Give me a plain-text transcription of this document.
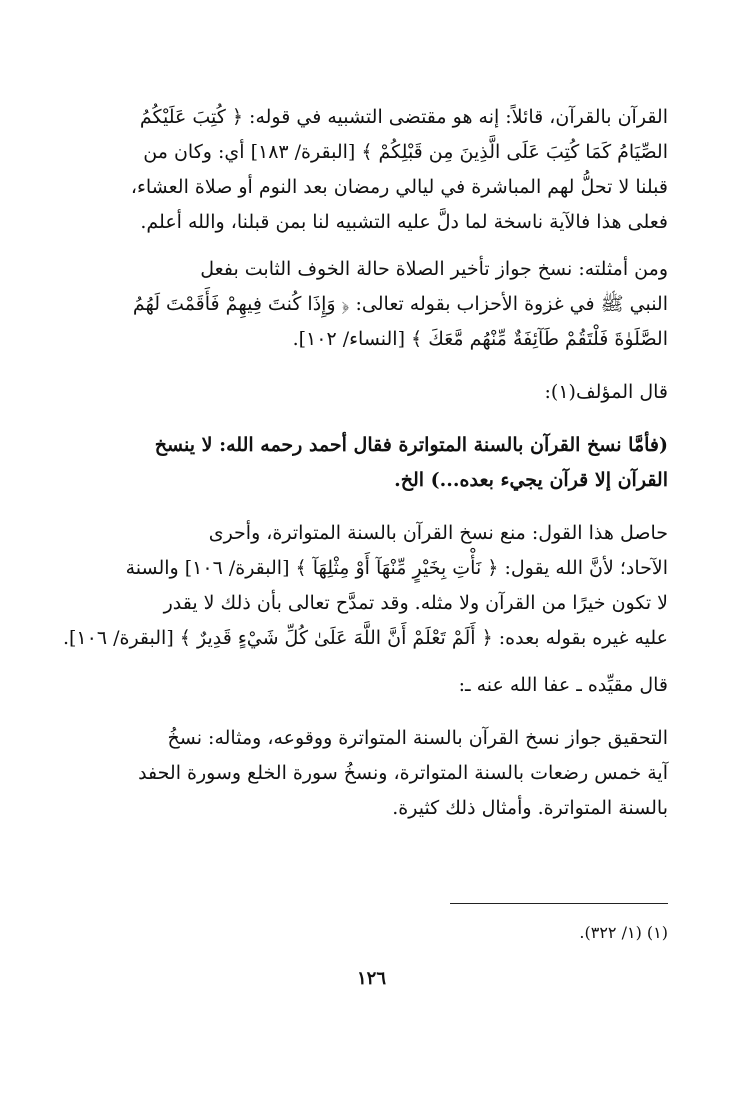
القرآن بالقرآن، قائلاً: إنه هو مقتضى التشبيه في قوله: ﴿ كُتِبَ عَلَيْكُمُ
الصِّيَامُ كَمَا كُتِبَ عَلَى الَّذِينَ مِن قَبْلِكُمْ ﴾ [البقرة/ ١٨٣] أي: وكان من
قبلنا لا تحلُّ لهم المباشرة في ليالي رمضان بعد النوم أو صلاة العشاء،
فعلى هذا فالآية ناسخة لما دلَّ عليه التشبيه لنا بمن قبلنا، والله أعلم.

ومن أمثلته: نسخ جواز تأخير الصلاة حالة الخوف الثابت بفعل
النبي ﷺ في غزوة الأحزاب بقوله تعالى: ﴿ وَإِذَا كُنتَ فِيهِمْ فَأَقَمْتَ لَهُمُ
الصَّلَوٰةَ فَلْتَقُمْ طَآئِفَةٌ مِّنْهُم مَّعَكَ ﴾ [النساء/ ١٠٢].

قال المؤلف(١):

(فأمَّا نسخ القرآن بالسنة المتواترة فقال أحمد رحمه الله: لا ينسخ
القرآن إلا قرآن يجيء بعده...) الخ.

حاصل هذا القول: منع نسخ القرآن بالسنة المتواترة، وأحرى
الآحاد؛ لأنَّ الله يقول: ﴿ نَأْتِ بِخَيْرٍ مِّنْهَآ أَوْ مِثْلِهَآ ﴾ [البقرة/ ١٠٦] والسنة
لا تكون خيرًا من القرآن ولا مثله. وقد تمدَّح تعالى بأن ذلك لا يقدر
عليه غيره بقوله بعده: ﴿ أَلَمْ تَعْلَمْ أَنَّ اللَّهَ عَلَىٰ كُلِّ شَيْءٍ قَدِيرٌ ﴾ [البقرة/ ١٠٦].

قال مقيِّده ـ عفا الله عنه ـ:

التحقيق جواز نسخ القرآن بالسنة المتواترة ووقوعه، ومثاله: نسخُ
آية خمس رضعات بالسنة المتواترة، ونسخُ سورة الخلع وسورة الحفد
بالسنة المتواترة. وأمثال ذلك كثيرة.

(١) (١/ ٣٢٢).
١٢٦
